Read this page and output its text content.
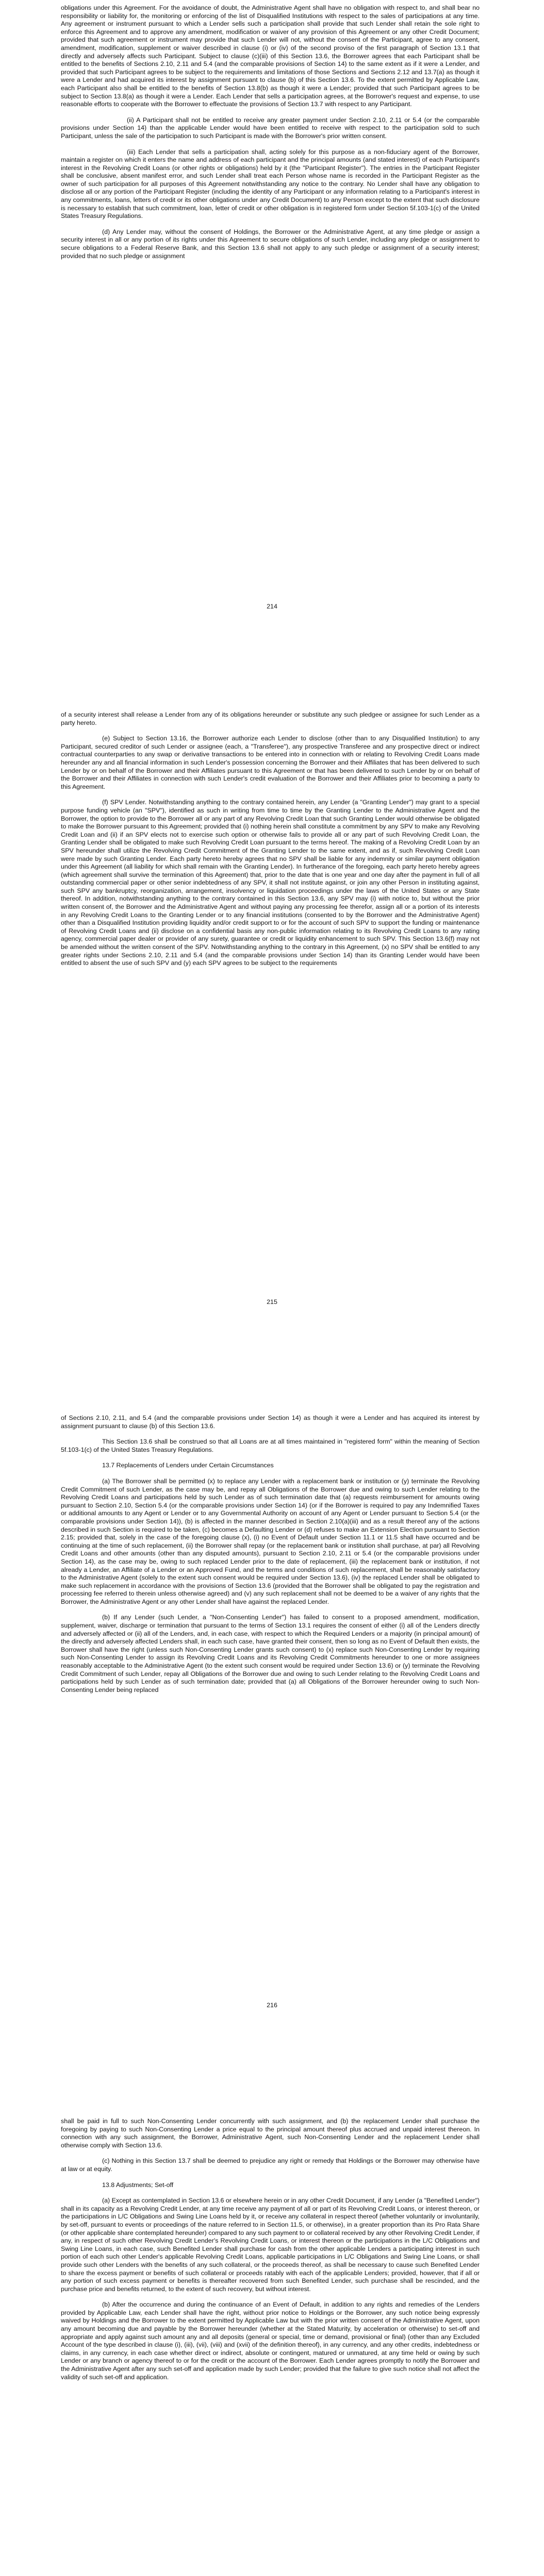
obligations under this Agreement. For the avoidance of doubt, the Administrative Agent shall have no obligation with respect to, and shall bear no responsibility or liability for, the monitoring or enforcing of the list of Disqualified Institutions with respect to the sales of participations at any time. Any agreement or instrument pursuant to which a Lender sells such a participation shall provide that such Lender shall retain the sole right to enforce this Agreement and to approve any amendment, modification or waiver of any provision of this Agreement or any other Credit Document; provided that such agreement or instrument may provide that such Lender will not, without the consent of the Participant, agree to any consent, amendment, modification, supplement or waiver described in clause (i) or (iv) of the second proviso of the first paragraph of Section 13.1 that directly and adversely affects such Participant. Subject to clause (c)(iii) of this Section 13.6, the Borrower agrees that each Participant shall be entitled to the benefits of Sections 2.10, 2.11 and 5.4 (and the comparable provisions of Section 14) to the same extent as if it were a Lender, and provided that such Participant agrees to be subject to the requirements and limitations of those Sections and Sections 2.12 and 13.7(a) as though it were a Lender and had acquired its interest by assignment pursuant to clause (b) of this Section 13.6. To the extent permitted by Applicable Law, each Participant also shall be entitled to the benefits of Section 13.8(b) as though it were a Lender; provided that such Participant agrees to be subject to Section 13.8(a) as though it were a Lender. Each Lender that sells a participation agrees, at the Borrower's request and expense, to use reasonable efforts to cooperate with the Borrower to effectuate the provisions of Section 13.7 with respect to any Participant.

(ii) A Participant shall not be entitled to receive any greater payment under Section 2.10, 2.11 or 5.4 (or the comparable provisions under Section 14) than the applicable Lender would have been entitled to receive with respect to the participation sold to such Participant, unless the sale of the participation to such Participant is made with the Borrower's prior written consent.

(iii) Each Lender that sells a participation shall, acting solely for this purpose as a non-fiduciary agent of the Borrower, maintain a register on which it enters the name and address of each participant and the principal amounts (and stated interest) of each Participant's interest in the Revolving Credit Loans (or other rights or obligations) held by it (the "Participant Register"). The entries in the Participant Register shall be conclusive, absent manifest error, and such Lender shall treat each Person whose name is recorded in the Participant Register as the owner of such participation for all purposes of this Agreement notwithstanding any notice to the contrary. No Lender shall have any obligation to disclose all or any portion of the Participant Register (including the identity of any Participant or any information relating to a Participant's interest in any commitments, loans, letters of credit or its other obligations under any Credit Document) to any Person except to the extent that such disclosure is necessary to establish that such commitment, loan, letter of credit or other obligation is in registered form under Section 5f.103-1(c) of the United States Treasury Regulations.

(d) Any Lender may, without the consent of Holdings, the Borrower or the Administrative Agent, at any time pledge or assign a security interest in all or any portion of its rights under this Agreement to secure obligations of such Lender, including any pledge or assignment to secure obligations to a Federal Reserve Bank, and this Section 13.6 shall not apply to any such pledge or assignment of a security interest; provided that no such pledge or assignment

214

of a security interest shall release a Lender from any of its obligations hereunder or substitute any such pledgee or assignee for such Lender as a party hereto.

(e) Subject to Section 13.16, the Borrower authorize each Lender to disclose (other than to any Disqualified Institution) to any Participant, secured creditor of such Lender or assignee (each, a "Transferee"), any prospective Transferee and any prospective direct or indirect contractual counterparties to any swap or derivative transactions to be entered into in connection with or relating to Revolving Credit Loans made hereunder any and all financial information in such Lender's possession concerning the Borrower and their Affiliates that has been delivered to such Lender by or on behalf of the Borrower and their Affiliates pursuant to this Agreement or that has been delivered to such Lender by or on behalf of the Borrower and their Affiliates in connection with such Lender's credit evaluation of the Borrower and their Affiliates prior to becoming a party to this Agreement.

(f) SPV Lender. Notwithstanding anything to the contrary contained herein, any Lender (a "Granting Lender") may grant to a special purpose funding vehicle (an "SPV"), identified as such in writing from time to time by the Granting Lender to the Administrative Agent and the Borrower, the option to provide to the Borrower all or any part of any Revolving Credit Loan that such Granting Lender would otherwise be obligated to make the Borrower pursuant to this Agreement; provided that (i) nothing herein shall constitute a commitment by any SPV to make any Revolving Credit Loan and (ii) if an SPV elects not to exercise such option or otherwise fails to provide all or any part of such Revolving Credit Loan, the Granting Lender shall be obligated to make such Revolving Credit Loan pursuant to the terms hereof. The making of a Revolving Credit Loan by an SPV hereunder shall utilize the Revolving Credit Commitment of the Granting Lender to the same extent, and as if, such Revolving Credit Loan were made by such Granting Lender. Each party hereto hereby agrees that no SPV shall be liable for any indemnity or similar payment obligation under this Agreement (all liability for which shall remain with the Granting Lender). In furtherance of the foregoing, each party hereto hereby agrees (which agreement shall survive the termination of this Agreement) that, prior to the date that is one year and one day after the payment in full of all outstanding commercial paper or other senior indebtedness of any SPV, it shall not institute against, or join any other Person in instituting against, such SPV any bankruptcy, reorganization, arrangement, insolvency or liquidation proceedings under the laws of the United States or any State thereof. In addition, notwithstanding anything to the contrary contained in this Section 13.6, any SPV may (i) with notice to, but without the prior written consent of, the Borrower and the Administrative Agent and without paying any processing fee therefor, assign all or a portion of its interests in any Revolving Credit Loans to the Granting Lender or to any financial institutions (consented to by the Borrower and the Administrative Agent) other than a Disqualified Institution providing liquidity and/or credit support to or for the account of such SPV to support the funding or maintenance of Revolving Credit Loans and (ii) disclose on a confidential basis any non-public information relating to its Revolving Credit Loans to any rating agency, commercial paper dealer or provider of any surety, guarantee or credit or liquidity enhancement to such SPV. This Section 13.6(f) may not be amended without the written consent of the SPV. Notwithstanding anything to the contrary in this Agreement, (x) no SPV shall be entitled to any greater rights under Sections 2.10, 2.11 and 5.4 (and the comparable provisions under Section 14) than its Granting Lender would have been entitled to absent the use of such SPV and (y) each SPV agrees to be subject to the requirements

215

of Sections 2.10, 2.11, and 5.4 (and the comparable provisions under Section 14) as though it were a Lender and has acquired its interest by assignment pursuant to clause (b) of this Section 13.6.

This Section 13.6 shall be construed so that all Loans are at all times maintained in "registered form" within the meaning of Section 5f.103-1(c) of the United States Treasury Regulations.

13.7 Replacements of Lenders under Certain Circumstances

(a) The Borrower shall be permitted (x) to replace any Lender with a replacement bank or institution or (y) terminate the Revolving Credit Commitment of such Lender, as the case may be, and repay all Obligations of the Borrower due and owing to such Lender relating to the Revolving Credit Loans and participations held by such Lender as of such termination date that (a) requests reimbursement for amounts owing pursuant to Section 2.10, Section 5.4 (or the comparable provisions under Section 14) (or if the Borrower is required to pay any Indemnified Taxes or additional amounts to any Agent or Lender or to any Governmental Authority on account of any Agent or Lender pursuant to Section 5.4 (or the comparable provisions under Section 14)), (b) is affected in the manner described in Section 2.10(a)(iii) and as a result thereof any of the actions described in such Section is required to be taken, (c) becomes a Defaulting Lender or (d) refuses to make an Extension Election pursuant to Section 2.15; provided that, solely in the case of the foregoing clause (x), (i) no Event of Default under Section 11.1 or 11.5 shall have occurred and be continuing at the time of such replacement, (ii) the Borrower shall repay (or the replacement bank or institution shall purchase, at par) all Revolving Credit Loans and other amounts (other than any disputed amounts), pursuant to Section 2.10, 2.11 or 5.4 (or the comparable provisions under Section 14), as the case may be, owing to such replaced Lender prior to the date of replacement, (iii) the replacement bank or institution, if not already a Lender, an Affiliate of a Lender or an Approved Fund, and the terms and conditions of such replacement, shall be reasonably satisfactory to the Administrative Agent (solely to the extent such consent would be required under Section 13.6), (iv) the replaced Lender shall be obligated to make such replacement in accordance with the provisions of Section 13.6 (provided that the Borrower shall be obligated to pay the registration and processing fee referred to therein unless otherwise agreed) and (v) any such replacement shall not be deemed to be a waiver of any rights that the Borrower, the Administrative Agent or any other Lender shall have against the replaced Lender.

(b) If any Lender (such Lender, a "Non-Consenting Lender") has failed to consent to a proposed amendment, modification, supplement, waiver, discharge or termination that pursuant to the terms of Section 13.1 requires the consent of either (i) all of the Lenders directly and adversely affected or (ii) all of the Lenders, and, in each case, with respect to which the Required Lenders or a majority (in principal amount) of the directly and adversely affected Lenders shall, in each such case, have granted their consent, then so long as no Event of Default then exists, the Borrower shall have the right (unless such Non-Consenting Lender grants such consent) to (x) replace such Non-Consenting Lender by requiring such Non-Consenting Lender to assign its Revolving Credit Loans and its Revolving Credit Commitments hereunder to one or more assignees reasonably acceptable to the Administrative Agent (to the extent such consent would be required under Section 13.6) or (y) terminate the Revolving Credit Commitment of such Lender, repay all Obligations of the Borrower due and owing to such Lender relating to the Revolving Credit Loans and participations held by such Lender as of such termination date; provided that (a) all Obligations of the Borrower hereunder owing to such Non-Consenting Lender being replaced

216

shall be paid in full to such Non-Consenting Lender concurrently with such assignment, and (b) the replacement Lender shall purchase the foregoing by paying to such Non-Consenting Lender a price equal to the principal amount thereof plus accrued and unpaid interest thereon. In connection with any such assignment, the Borrower, Administrative Agent, such Non-Consenting Lender and the replacement Lender shall otherwise comply with Section 13.6.

(c) Nothing in this Section 13.7 shall be deemed to prejudice any right or remedy that Holdings or the Borrower may otherwise have at law or at equity.

13.8 Adjustments; Set-off

(a) Except as contemplated in Section 13.6 or elsewhere herein or in any other Credit Document, if any Lender (a "Benefited Lender") shall in its capacity as a Revolving Credit Lender, at any time receive any payment of all or part of its Revolving Credit Loans, or interest thereon, or the participations in L/C Obligations and Swing Line Loans held by it, or receive any collateral in respect thereof (whether voluntarily or involuntarily, by set-off, pursuant to events or proceedings of the nature referred to in Section 11.5, or otherwise), in a greater proportion than its Pro Rata Share (or other applicable share contemplated hereunder) compared to any such payment to or collateral received by any other Revolving Credit Lender, if any, in respect of such other Revolving Credit Lender's Revolving Credit Loans, or interest thereon or the participations in the L/C Obligations and Swing Line Loans, in each case, such Benefited Lender shall purchase for cash from the other applicable Lenders a participating interest in such portion of each such other Lender's applicable Revolving Credit Loans, applicable participations in L/C Obligations and Swing Line Loans, or shall provide such other Lenders with the benefits of any such collateral, or the proceeds thereof, as shall be necessary to cause such Benefited Lender to share the excess payment or benefits of such collateral or proceeds ratably with each of the applicable Lenders; provided, however, that if all or any portion of such excess payment or benefits is thereafter recovered from such Benefited Lender, such purchase shall be rescinded, and the purchase price and benefits returned, to the extent of such recovery, but without interest.

(b) After the occurrence and during the continuance of an Event of Default, in addition to any rights and remedies of the Lenders provided by Applicable Law, each Lender shall have the right, without prior notice to Holdings or the Borrower, any such notice being expressly waived by Holdings and the Borrower to the extent permitted by Applicable Law but with the prior written consent of the Administrative Agent, upon any amount becoming due and payable by the Borrower hereunder (whether at the Stated Maturity, by acceleration or otherwise) to set-off and appropriate and apply against such amount any and all deposits (general or special, time or demand, provisional or final) (other than any Excluded Account of the type described in clause (i), (iii), (vii), (viii) and (xvii) of the definition thereof), in any currency, and any other credits, indebtedness or claims, in any currency, in each case whether direct or indirect, absolute or contingent, matured or unmatured, at any time held or owing by such Lender or any branch or agency thereof to or for the credit or the account of the Borrower. Each Lender agrees promptly to notify the Borrower and the Administrative Agent after any such set-off and application made by such Lender; provided that the failure to give such notice shall not affect the validity of such set-off and application.
